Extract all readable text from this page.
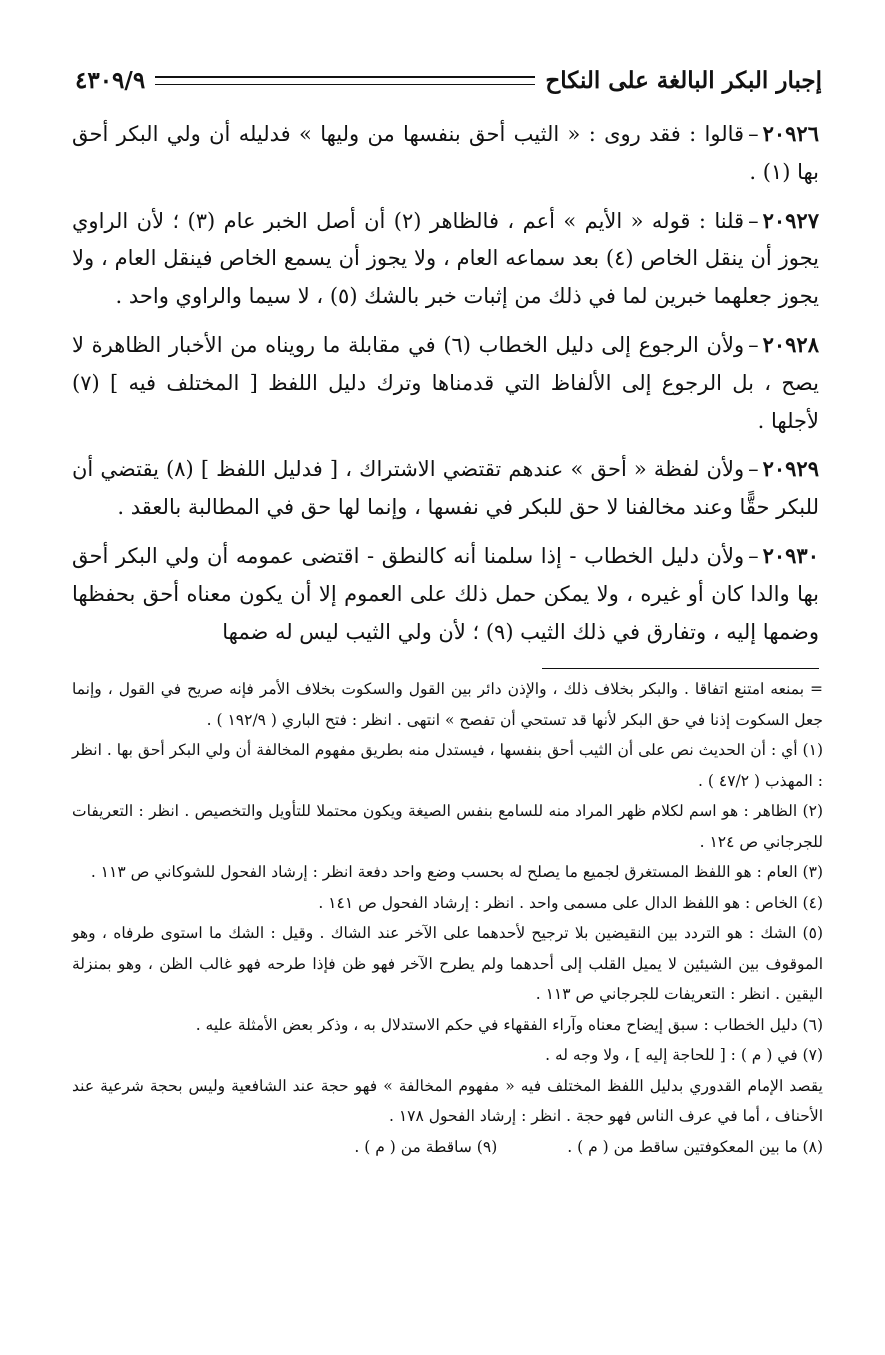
إجبار البكر البالغة على النكاح
٤٣٠٩/٩

٢٠٩٢٦–قالوا : فقد روى : « الثيب أحق بنفسها من وليها » فدليله أن ولي البكر أحق بها (١) .

٢٠٩٢٧–قلنا : قوله « الأيم » أعم ، فالظاهر (٢) أن أصل الخبر عام (٣) ؛ لأن الراوي يجوز أن ينقل الخاص (٤) بعد سماعه العام ، ولا يجوز أن يسمع الخاص فينقل العام ، ولا يجوز جعلهما خبرين لما في ذلك من إثبات خبر بالشك (٥) ، لا سيما والراوي واحد .

٢٠٩٢٨–ولأن الرجوع إلى دليل الخطاب (٦) في مقابلة ما رويناه من الأخبار الظاهرة لا يصح ، بل الرجوع إلى الألفاظ التي قدمناها وترك دليل اللفظ [ المختلف فيه ] (٧) لأجلها .

٢٠٩٢٩–ولأن لفظة « أحق » عندهم تقتضي الاشتراك ، [ فدليل اللفظ ] (٨) يقتضي أن للبكر حقًّا وعند مخالفنا لا حق للبكر في نفسها ، وإنما لها حق في المطالبة بالعقد .

٢٠٩٣٠–ولأن دليل الخطاب - إذا سلمنا أنه كالنطق - اقتضى عمومه أن ولي البكر أحق بها والدا كان أو غيره ، ولا يمكن حمل ذلك على العموم إلا أن يكون معناه أحق بحفظها وضمها إليه ، وتفارق في ذلك الثيب (٩) ؛ لأن ولي الثيب ليس له ضمها

= بمنعه امتنع اتفاقا . والبكر بخلاف ذلك ، والإذن دائر بين القول والسكوت بخلاف الأمر فإنه صريح في القول ، وإنما جعل السكوت إذنا في حق البكر لأنها قد تستحي أن تفصح » انتهى . انظر : فتح الباري ( ١٩٢/٩ ) .

(١) أي : أن الحديث نص على أن الثيب أحق بنفسها ، فيستدل منه بطريق مفهوم المخالفة أن ولي البكر أحق بها . انظر : المهذب ( ٤٧/٢ ) .

(٢) الظاهر : هو اسم لكلام ظهر المراد منه للسامع بنفس الصيغة ويكون محتملا للتأويل والتخصيص . انظر : التعريفات للجرجاني ص ١٢٤ .

(٣) العام : هو اللفظ المستغرق لجميع ما يصلح له بحسب وضع واحد دفعة انظر : إرشاد الفحول للشوكاني ص ١١٣ .

(٤) الخاص : هو اللفظ الدال على مسمى واحد . انظر : إرشاد الفحول ص ١٤١ .

(٥) الشك : هو التردد بين النقيضين بلا ترجيح لأحدهما على الآخر عند الشاك . وقيل : الشك ما استوى طرفاه ، وهو الموقوف بين الشيئين لا يميل القلب إلى أحدهما ولم يطرح الآخر فهو ظن فإذا طرحه فهو غالب الظن ، وهو بمنزلة اليقين . انظر : التعريفات للجرجاني ص ١١٣ .

(٦) دليل الخطاب : سبق إيضاح معناه وآراء الفقهاء في حكم الاستدلال به ، وذكر بعض الأمثلة عليه .

(٧) في ( م ) : [ للحاجة إليه ] ، ولا وجه له .

يقصد الإمام القدوري بدليل اللفظ المختلف فيه « مفهوم المخالفة » فهو حجة عند الشافعية وليس بحجة شرعية عند الأحناف ، أما في عرف الناس فهو حجة . انظر : إرشاد الفحول ١٧٨ .

(٨) ما بين المعكوفتين ساقط من ( م ) .
(٩) ساقطة من ( م ) .
